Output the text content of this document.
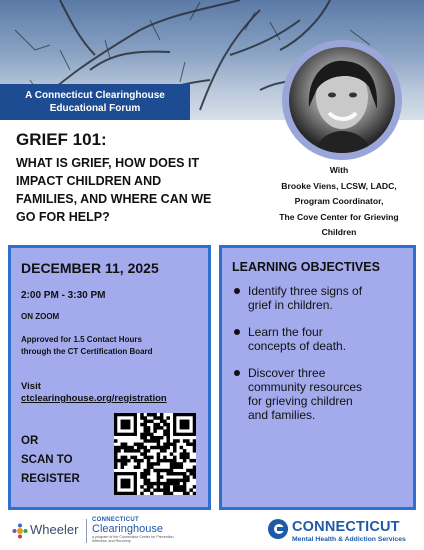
A Connecticut Clearinghouse
Educational Forum
GRIEF 101:
WHAT IS GRIEF, HOW DOES IT
IMPACT CHILDREN AND
FAMILIES, AND WHERE CAN WE
GO FOR HELP?
With
Brooke Viens, LCSW, LADC,
Program Coordinator,
The Cove Center for Grieving
Children
DECEMBER 11, 2025
2:00 PM - 3:30 PM
ON ZOOM
Approved for 1.5 Contact Hours
through the CT Certification Board
Visit
ctclearinghouse.org/registration
OR
SCAN TO
REGISTER
LEARNING OBJECTIVES
Identify three signs of
grief in children.
Learn the four
concepts of death.
Discover three
community resources
for grieving children
and families.
Wheeler
CONNECTICUT
Clearinghouse
a program of the Connecticut Center for Prevention, Wellness, and Recovery
CONNECTICUT
Mental Health & Addiction Services
